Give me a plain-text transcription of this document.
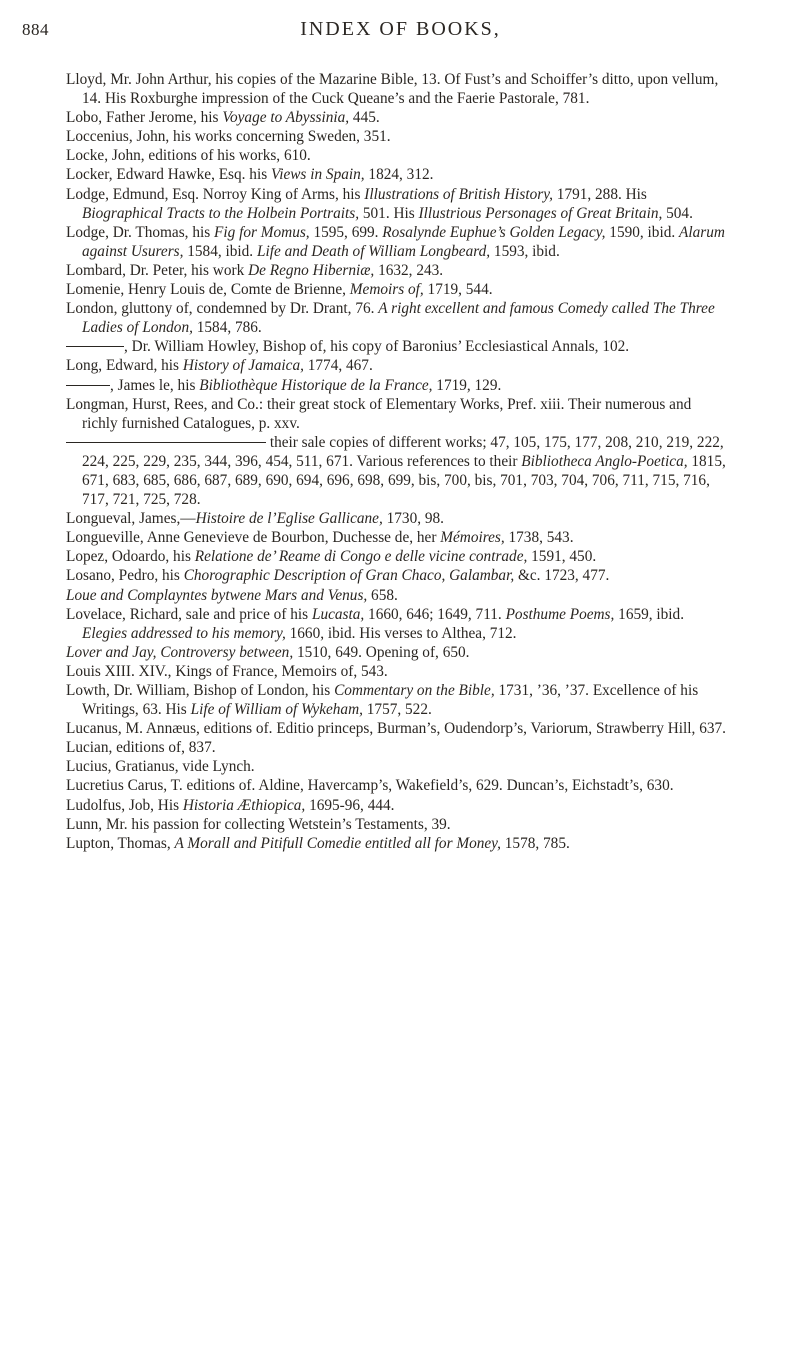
884	INDEX OF BOOKS,

Lloyd, Mr. John Arthur, his copies of the Mazarine Bible, 13. Of Fust’s and Schoiffer’s ditto, upon vellum, 14. His Roxburghe impression of the Cuck Queane’s and the Faerie Pastorale, 781.

Lobo, Father Jerome, his Voyage to Abyssinia, 445.

Loccenius, John, his works concerning Sweden, 351.

Locke, John, editions of his works, 610.

Locker, Edward Hawke, Esq. his Views in Spain, 1824, 312.

Lodge, Edmund, Esq. Norroy King of Arms, his Illustrations of British History, 1791, 288. His Biographical Tracts to the Holbein Portraits, 501. His Illustrious Personages of Great Britain, 504.

Lodge, Dr. Thomas, his Fig for Momus, 1595, 699. Rosalynde Euphue’s Golden Legacy, 1590, ibid. Alarum against Usurers, 1584, ibid. Life and Death of William Longbeard, 1593, ibid.

Lombard, Dr. Peter, his work De Regno Hiberniæ, 1632, 243.

Lomenie, Henry Louis de, Comte de Brienne, Memoirs of, 1719, 544.

London, gluttony of, condemned by Dr. Drant, 76. A right excellent and famous Comedy called The Three Ladies of London, 1584, 786.

, Dr. William Howley, Bishop of, his copy of Baronius’ Ecclesiastical Annals, 102.

Long, Edward, his History of Jamaica, 1774, 467.

, James le, his Bibliothèque Historique de la France, 1719, 129.

Longman, Hurst, Rees, and Co.: their great stock of Elementary Works, Pref. xiii. Their numerous and richly furnished Catalogues, p. xxv.

their sale copies of different works; 47, 105, 175, 177, 208, 210, 219, 222, 224, 225, 229, 235, 344, 396, 454, 511, 671. Various references to their Bibliotheca Anglo-Poetica, 1815, 671, 683, 685, 686, 687, 689, 690, 694, 696, 698, 699, bis, 700, bis, 701, 703, 704, 706, 711, 715, 716, 717, 721, 725, 728.

Longueval, James,—Histoire de l’Eglise Gallicane, 1730, 98.

Longueville, Anne Genevieve de Bourbon, Duchesse de, her Mémoires, 1738, 543.

Lopez, Odoardo, his Relatione de’ Reame di Congo e delle vicine contrade, 1591, 450.

Losano, Pedro, his Chorographic Description of Gran Chaco, Galambar, &c. 1723, 477.

Loue and Complayntes bytwene Mars and Venus, 658.

Lovelace, Richard, sale and price of his Lucasta, 1660, 646; 1649, 711. Posthume Poems, 1659, ibid. Elegies addressed to his memory, 1660, ibid. His verses to Althea, 712.

Lover and Jay, Controversy between, 1510, 649. Opening of, 650.

Louis XIII. XIV., Kings of France, Memoirs of, 543.

Lowth, Dr. William, Bishop of London, his Commentary on the Bible, 1731, ’36, ’37. Excellence of his Writings, 63. His Life of William of Wykeham, 1757, 522.

Lucanus, M. Annæus, editions of. Editio princeps, Burman’s, Oudendorp’s, Variorum, Strawberry Hill, 637.

Lucian, editions of, 837.

Lucius, Gratianus, vide Lynch.

Lucretius Carus, T. editions of. Aldine, Havercamp’s, Wakefield’s, 629. Duncan’s, Eichstadt’s, 630.

Ludolfus, Job, His Historia Æthiopica, 1695-96, 444.

Lunn, Mr. his passion for collecting Wetstein’s Testaments, 39.

Lupton, Thomas, A Morall and Pitifull Comedie entitled all for Money, 1578, 785.
